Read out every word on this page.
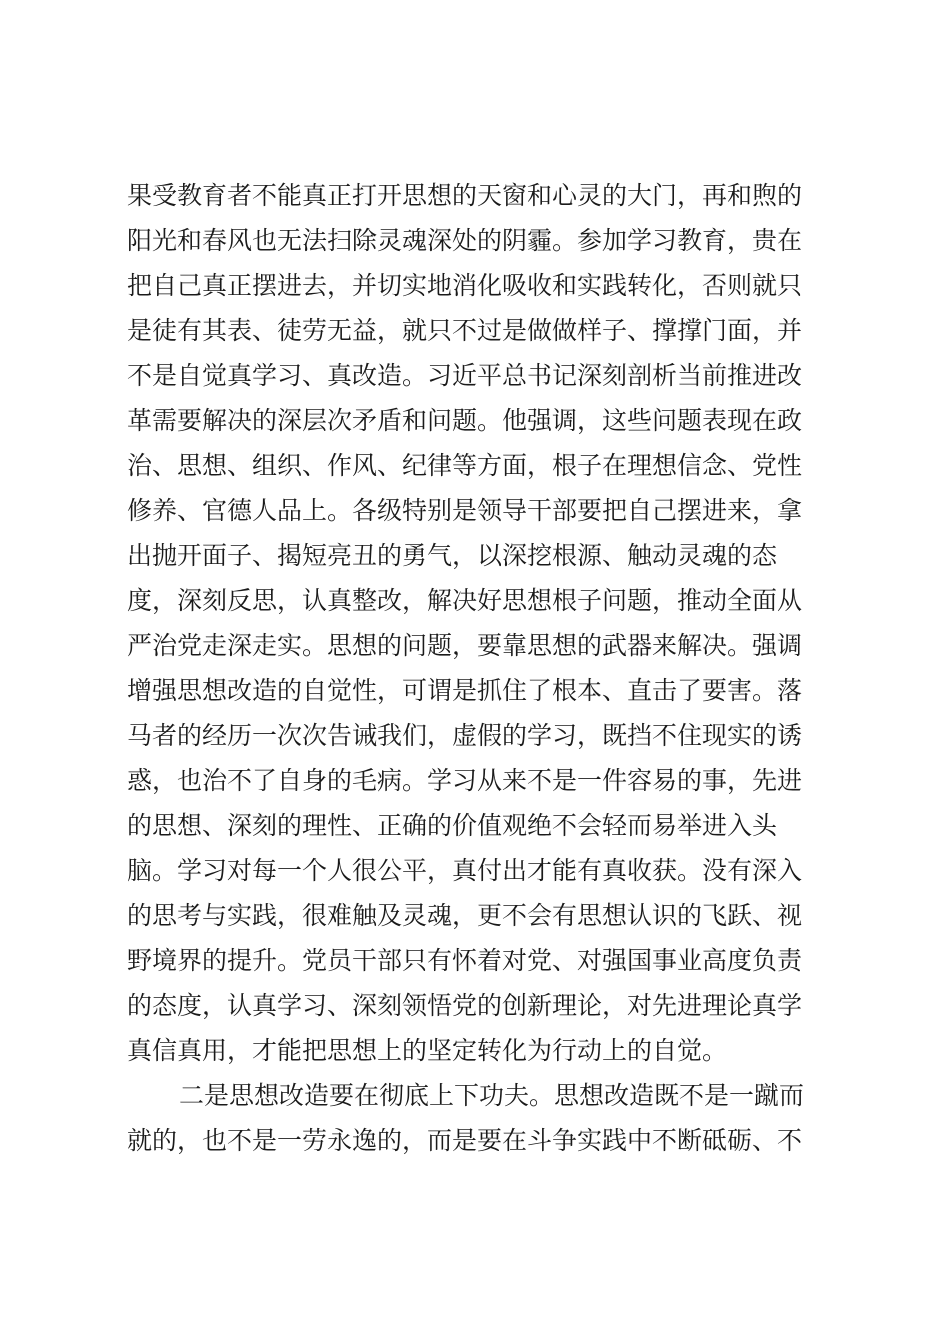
果受教育者不能真正打开思想的天窗和心灵的大门，再和煦的
阳光和春风也无法扫除灵魂深处的阴霾。参加学习教育，贵在
把自己真正摆进去，并切实地消化吸收和实践转化，否则就只
是徒有其表、徒劳无益，就只不过是做做样子、撑撑门面，并
不是自觉真学习、真改造。习近平总书记深刻剖析当前推进改
革需要解决的深层次矛盾和问题。他强调，这些问题表现在政
治、思想、组织、作风、纪律等方面，根子在理想信念、党性
修养、官德人品上。各级特别是领导干部要把自己摆进来，拿
出抛开面子、揭短亮丑的勇气，以深挖根源、触动灵魂的态
度，深刻反思，认真整改，解决好思想根子问题，推动全面从
严治党走深走实。思想的问题，要靠思想的武器来解决。强调
增强思想改造的自觉性，可谓是抓住了根本、直击了要害。落
马者的经历一次次告诫我们，虚假的学习，既挡不住现实的诱
惑，也治不了自身的毛病。学习从来不是一件容易的事，先进
的思想、深刻的理性、正确的价值观绝不会轻而易举进入头
脑。学习对每一个人很公平，真付出才能有真收获。没有深入
的思考与实践，很难触及灵魂，更不会有思想认识的飞跃、视
野境界的提升。党员干部只有怀着对党、对强国事业高度负责
的态度，认真学习、深刻领悟党的创新理论，对先进理论真学
真信真用，才能把思想上的坚定转化为行动上的自觉。
二是思想改造要在彻底上下功夫。思想改造既不是一蹴而
就的，也不是一劳永逸的，而是要在斗争实践中不断砥砺、不
